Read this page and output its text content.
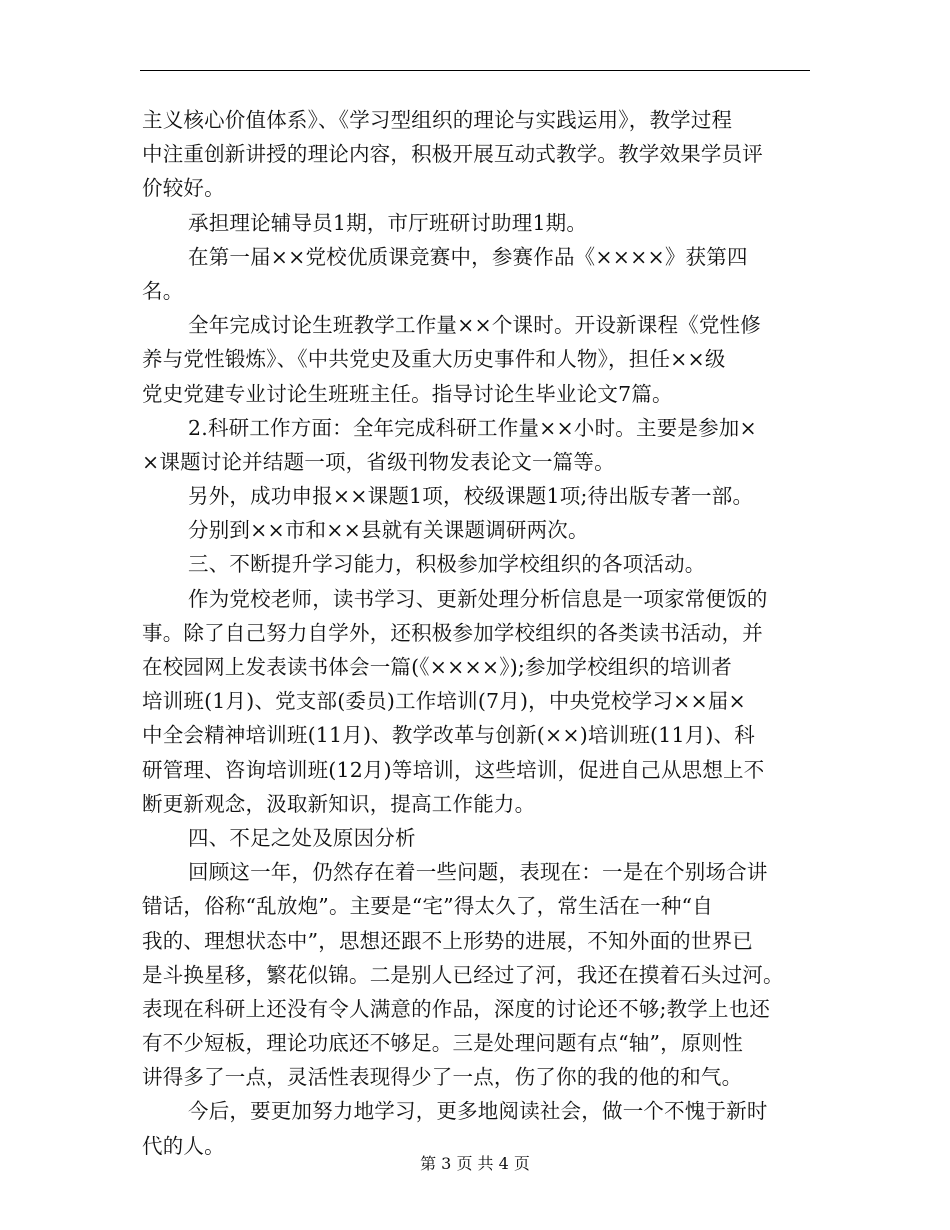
主义核心价值体系》、《学习型组织的理论与实践运用》，教学过程
中注重创新讲授的理论内容，积极开展互动式教学。教学效果学员评
价较好。
承担理论辅导员1期，市厅班研讨助理1期。
在第一届××党校优质课竞赛中，参赛作品《××××》获第四
名。
全年完成讨论生班教学工作量××个课时。开设新课程《党性修
养与党性锻炼》、《中共党史及重大历史事件和人物》，担任××级
党史党建专业讨论生班班主任。指导讨论生毕业论文7篇。
2.科研工作方面：全年完成科研工作量××小时。主要是参加×
×课题讨论并结题一项，省级刊物发表论文一篇等。
另外，成功申报××课题1项，校级课题1项;待出版专著一部。
分别到××市和××县就有关课题调研两次。
三、不断提升学习能力，积极参加学校组织的各项活动。
作为党校老师，读书学习、更新处理分析信息是一项家常便饭的
事。除了自己努力自学外，还积极参加学校组织的各类读书活动，并
在校园网上发表读书体会一篇(《××××》);参加学校组织的培训者
培训班(1月)、党支部(委员)工作培训(7月)，中央党校学习××届×
中全会精神培训班(11月)、教学改革与创新(××)培训班(11月)、科
研管理、咨询培训班(12月)等培训，这些培训，促进自己从思想上不
断更新观念，汲取新知识，提高工作能力。
四、不足之处及原因分析
回顾这一年，仍然存在着一些问题，表现在：一是在个别场合讲
错话，俗称“乱放炮”。主要是“宅”得太久了，常生活在一种“自
我的、理想状态中”，思想还跟不上形势的进展，不知外面的世界已
是斗换星移，繁花似锦。二是别人已经过了河，我还在摸着石头过河。
表现在科研上还没有令人满意的作品，深度的讨论还不够;教学上也还
有不少短板，理论功底还不够足。三是处理问题有点“轴”，原则性
讲得多了一点，灵活性表现得少了一点，伤了你的我的他的和气。
今后，要更加努力地学习，更多地阅读社会，做一个不愧于新时
代的人。
第 3 页 共 4 页
